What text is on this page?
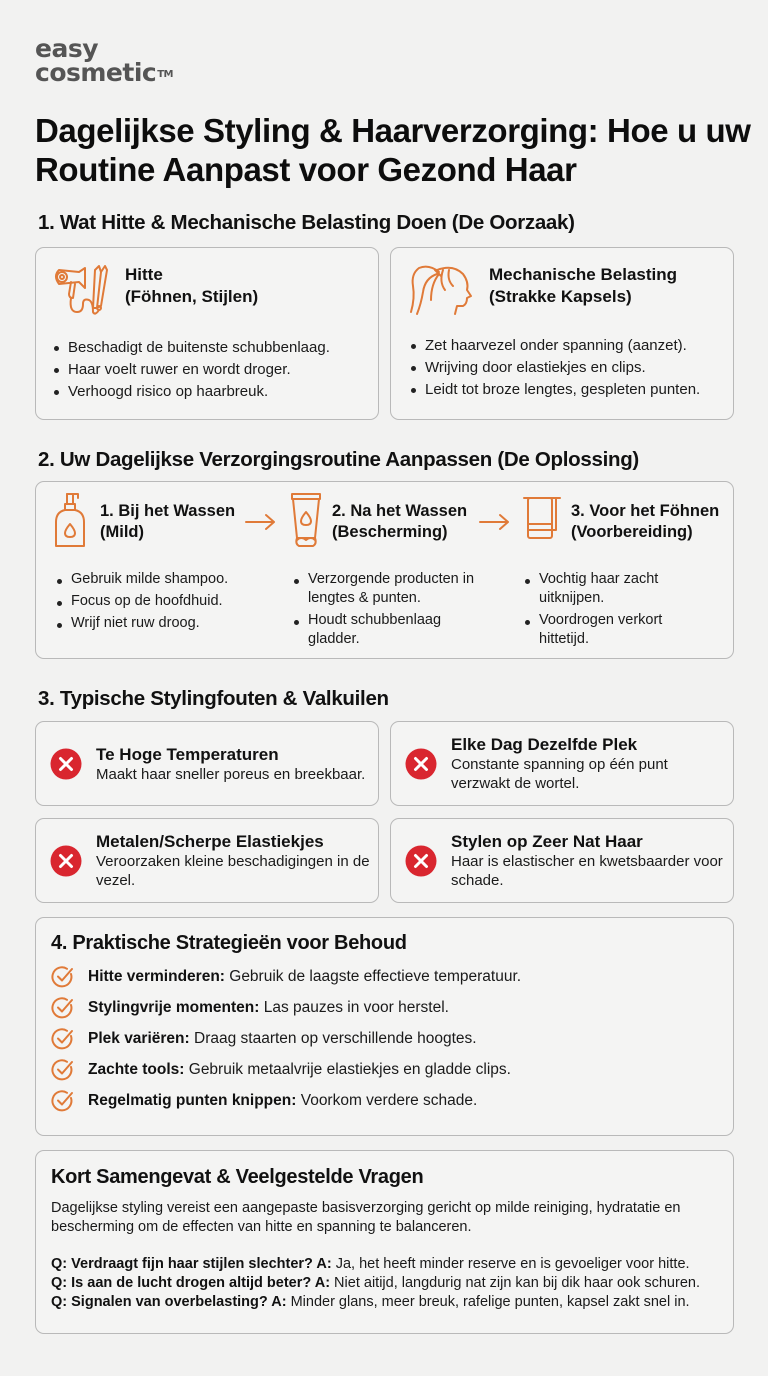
easy
cosmetic™
Dagelijkse Styling & Haarverzorging: Hoe u uw Routine Aanpast voor Gezond Haar
1. Wat Hitte & Mechanische Belasting Doen (De Oorzaak)
Hitte
(Föhnen, Stijlen)
Beschadigt de buitenste schubbenlaag.
Haar voelt ruwer en wordt droger.
Verhoogd risico op haarbreuk.
Mechanische Belasting
(Strakke Kapsels)
Zet haarvezel onder spanning (aanzet).
Wrijving door elastiekjes en clips.
Leidt tot broze lengtes, gespleten punten.
2. Uw Dagelijkse Verzorgingsroutine Aanpassen (De Oplossing)
1. Bij het Wassen
(Mild)
Gebruik milde shampoo.
Focus op de hoofdhuid.
Wrijf niet ruw droog.
2. Na het Wassen
(Bescherming)
Verzorgende producten in lengtes & punten.
Houdt schubbenlaag gladder.
3. Voor het Föhnen
(Voorbereiding)
Vochtig haar zacht uitknijpen.
Voordrogen verkort hittetijd.
3. Typische Stylingfouten & Valkuilen
Te Hoge Temperaturen
Maakt haar sneller poreus en breekbaar.
Elke Dag Dezelfde Plek
Constante spanning op één punt verzwakt de wortel.
Metalen/Scherpe Elastiekjes
Veroorzaken kleine beschadigingen in de vezel.
Stylen op Zeer Nat Haar
Haar is elastischer en kwetsbaarder voor schade.
4. Praktische Strategieën voor Behoud
Hitte verminderen: Gebruik de laagste effectieve temperatuur.
Stylingvrije momenten: Las pauzes in voor herstel.
Plek variëren: Draag staarten op verschillende hoogtes.
Zachte tools: Gebruik metaalvrije elastiekjes en gladde clips.
Regelmatig punten knippen: Voorkom verdere schade.
Kort Samengevat & Veelgestelde Vragen
Dagelijkse styling vereist een aangepaste basisverzorging gericht op milde reiniging, hydratatie en bescherming om de effecten van hitte en spanning te balanceren.
Q: Verdraagt fijn haar stijlen slechter? A: Ja, het heeft minder reserve en is gevoeliger voor hitte.
Q: Is aan de lucht drogen altijd beter? A: Niet aitijd, langdurig nat zijn kan bij dik haar ook schuren.
Q: Signalen van overbelasting? A: Minder glans, meer breuk, rafelige punten, kapsel zakt snel in.
